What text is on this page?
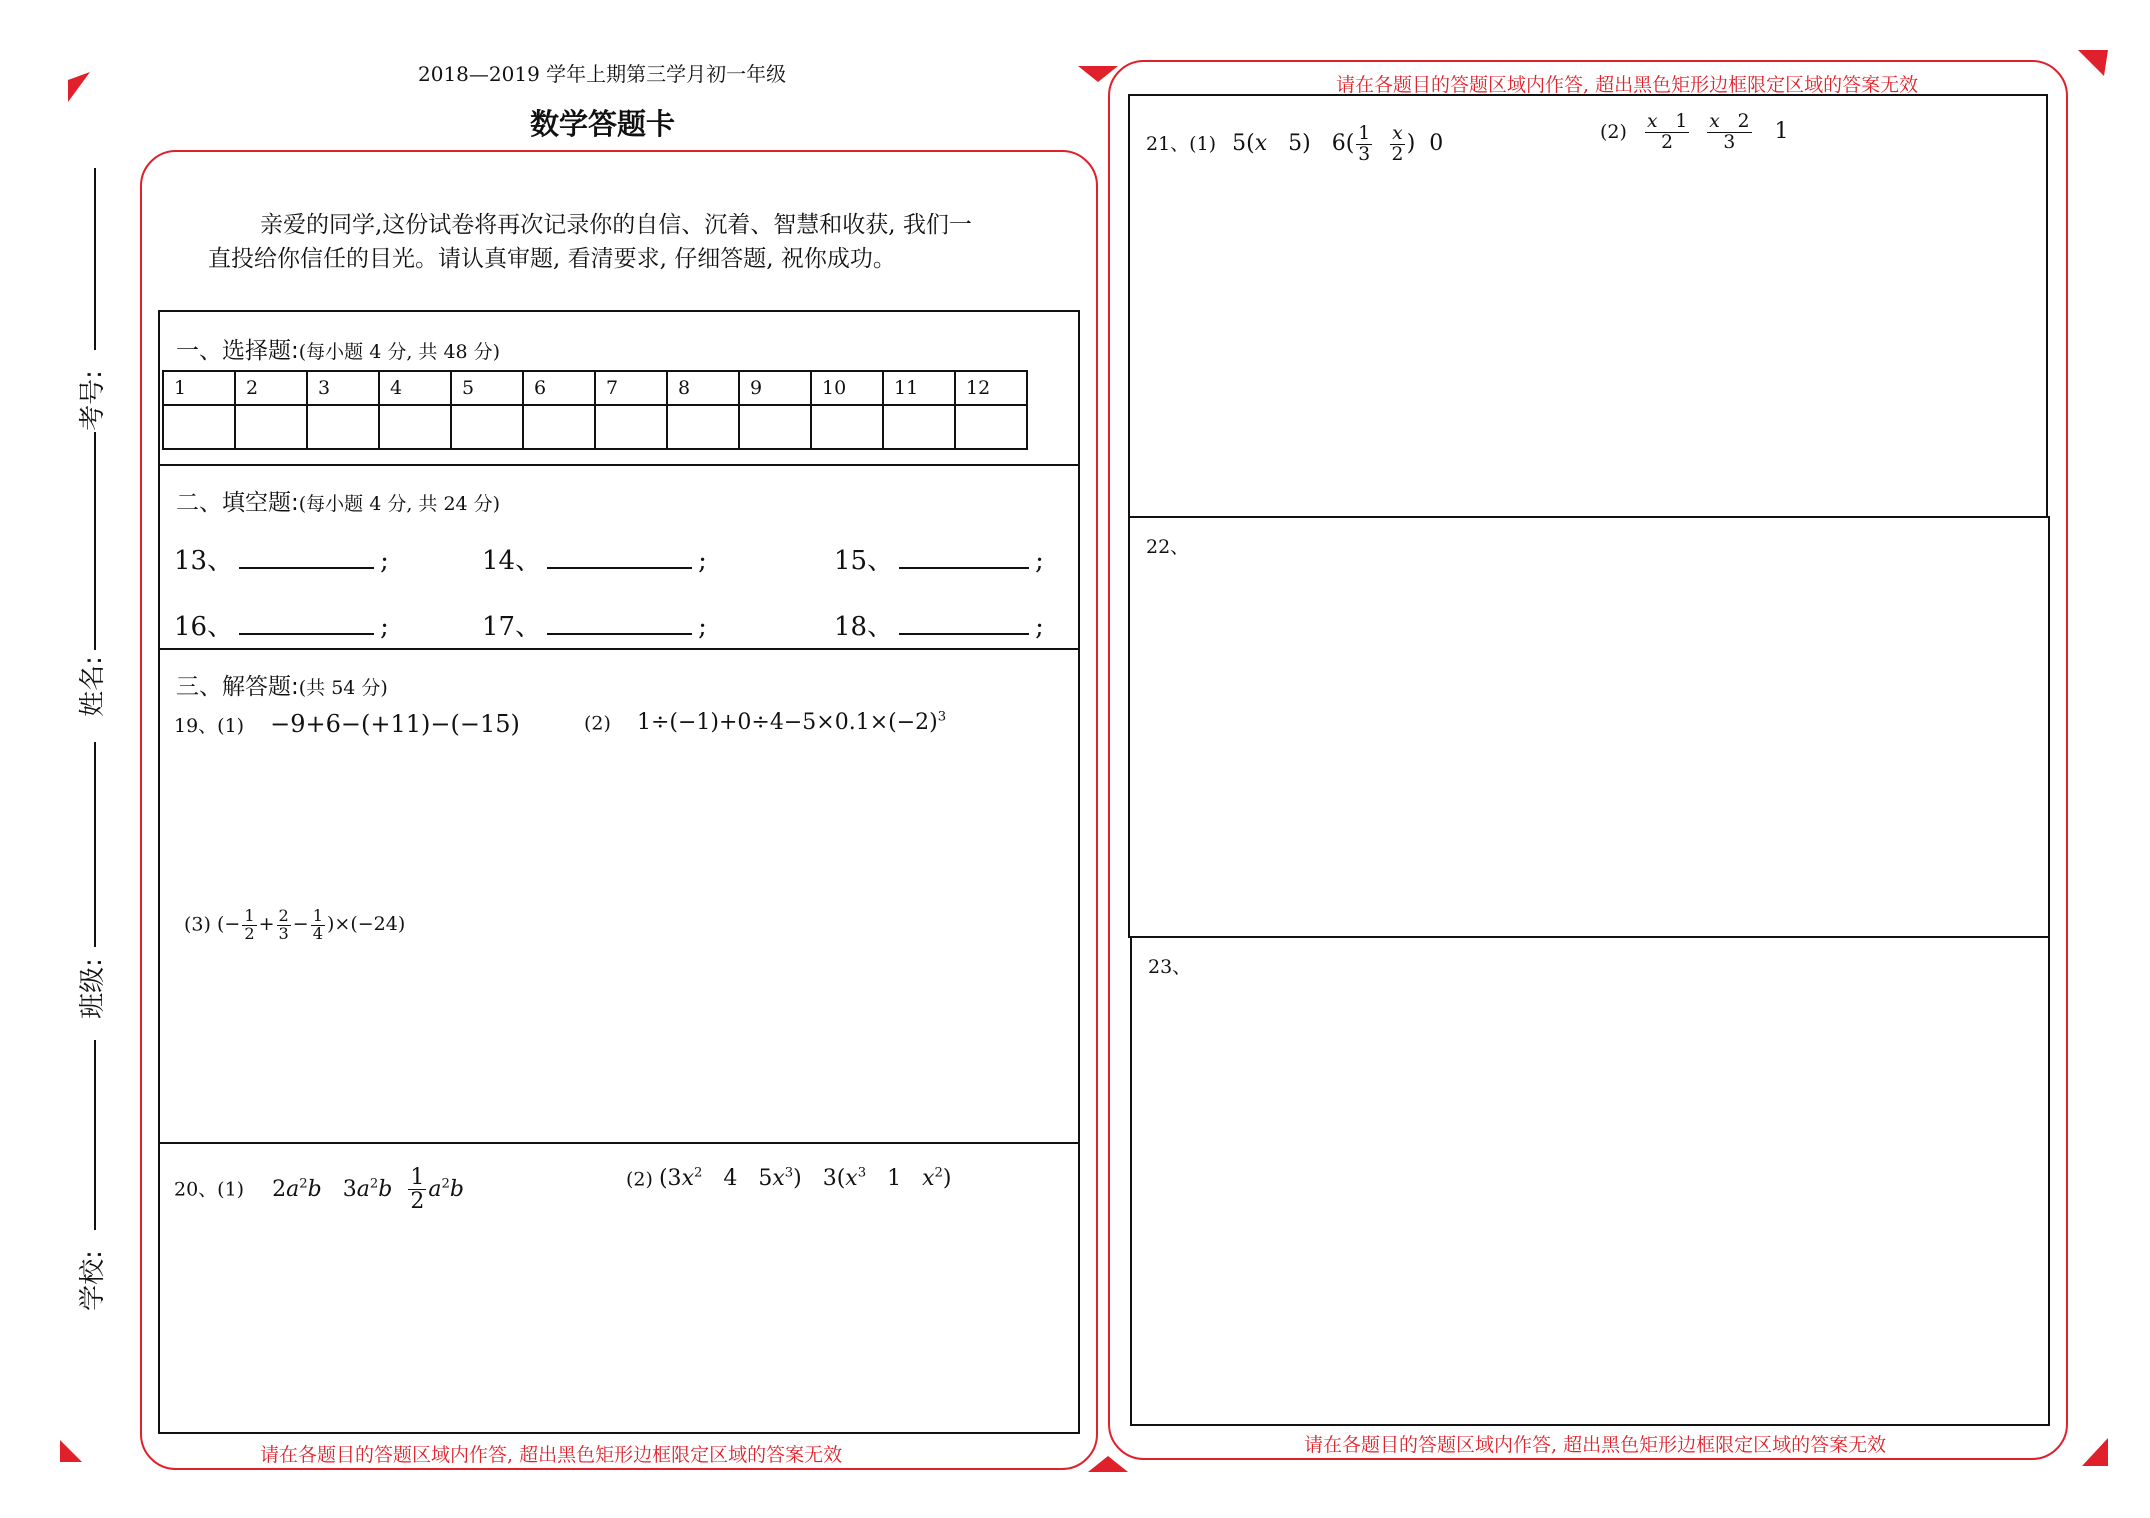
考号:
姓名:
班级:
学校:
2018—2019 学年上期第三学月初一年级
数学答题卡
亲爱的同学,这份试卷将再次记录你的自信、沉着、智慧和收获, 我们一
直投给你信任的目光。请认真审题, 看清要求, 仔细答题, 祝你成功。
请在各题目的答题区域内作答, 超出黑色矩形边框限定区域的答案无效
一、选择题:(每小题 4 分, 共 48 分)
1	2	3	4	5	6	7	8	9	10	11	12

二、填空题:(每小题 4 分, 共 24 分)
13、	;	14、	;	15、	;
16、	;	17、	;	18、	;
三、解答题:(共 54 分)
19、(1) −9+6−(+11)−(−15)	(2) $1\div(-1)+0\div 4-5\times 0.1\times(-2)^3$
(3) (− $\frac{1}{2} + \frac{2}{3} - \frac{1}{4} )\times(-24)$
20、(1) $2a^2b$   $3a^2b \frac{1}{2} a^2b$	(2) ($3x^2$   4   $5x^3$)   $3(x^3$   1   $x^2$)
请在各题目的答题区域内作答, 超出黑色矩形边框限定区域的答案无效
请在各题目的答题区域内作答, 超出黑色矩形边框限定区域的答案无效
21、(1) 5(x   5)   $6( \frac{1}{3}$
$\frac{x}{2}$ )  0	$(2) \frac{x 1}{2}$
$\frac{x 2}{3} 1$
22、
23、
